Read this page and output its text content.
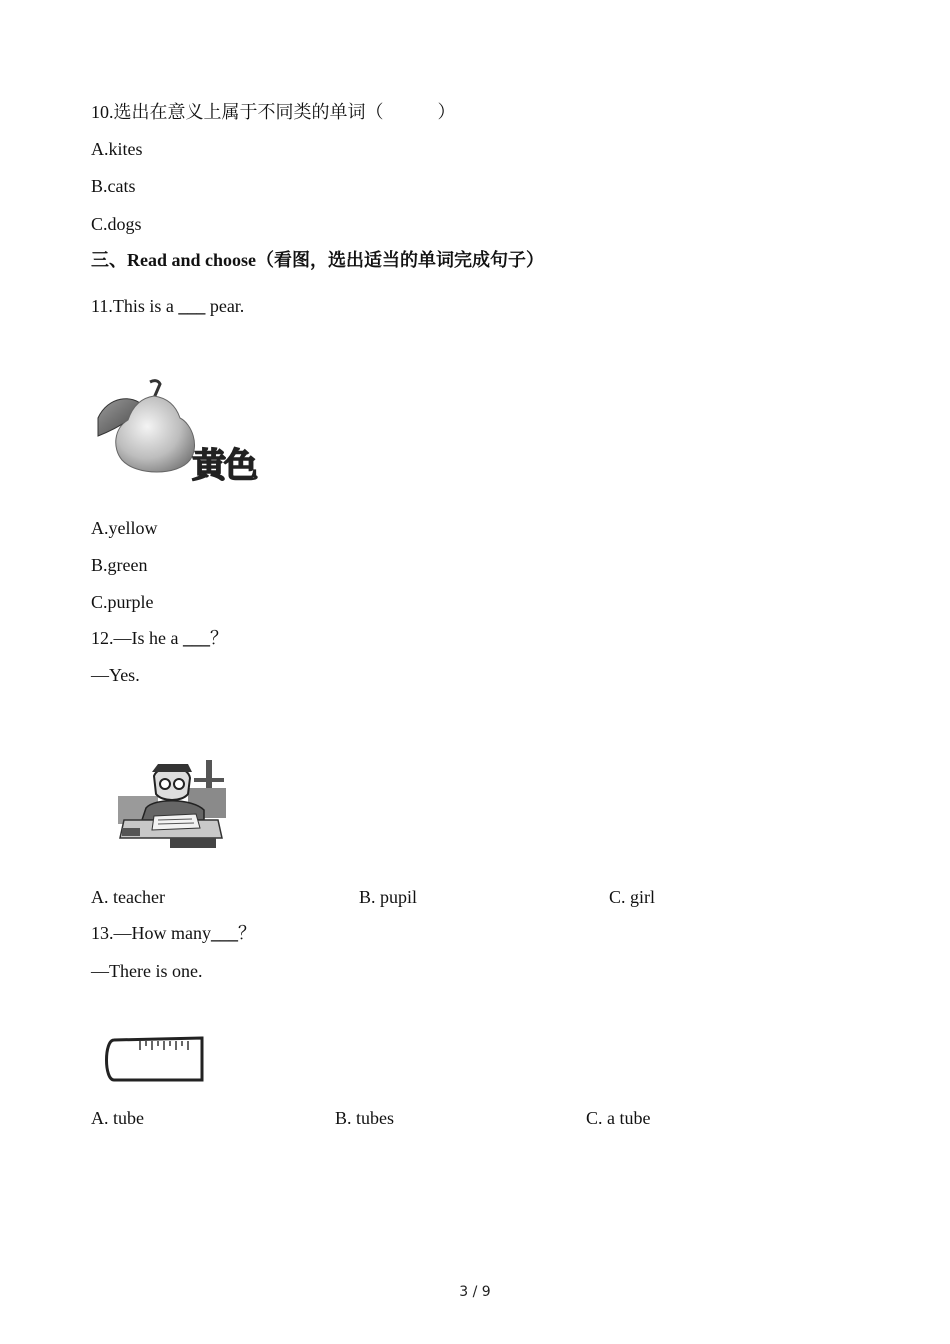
10.选出在意义上属于不同类的单词（　　　）
A.kites
B.cats
C.dogs
三、Read and choose（看图，选出适当的单词完成句子）
11.This is a ___ pear.
黄色
A.yellow
B.green
C.purple
12.—Is he a ___？
—Yes.
A. teacher	B. pupil	C. girl
13.—How many___？
—There is one.
A. tube	B. tubes	C. a tube
3 / 9
